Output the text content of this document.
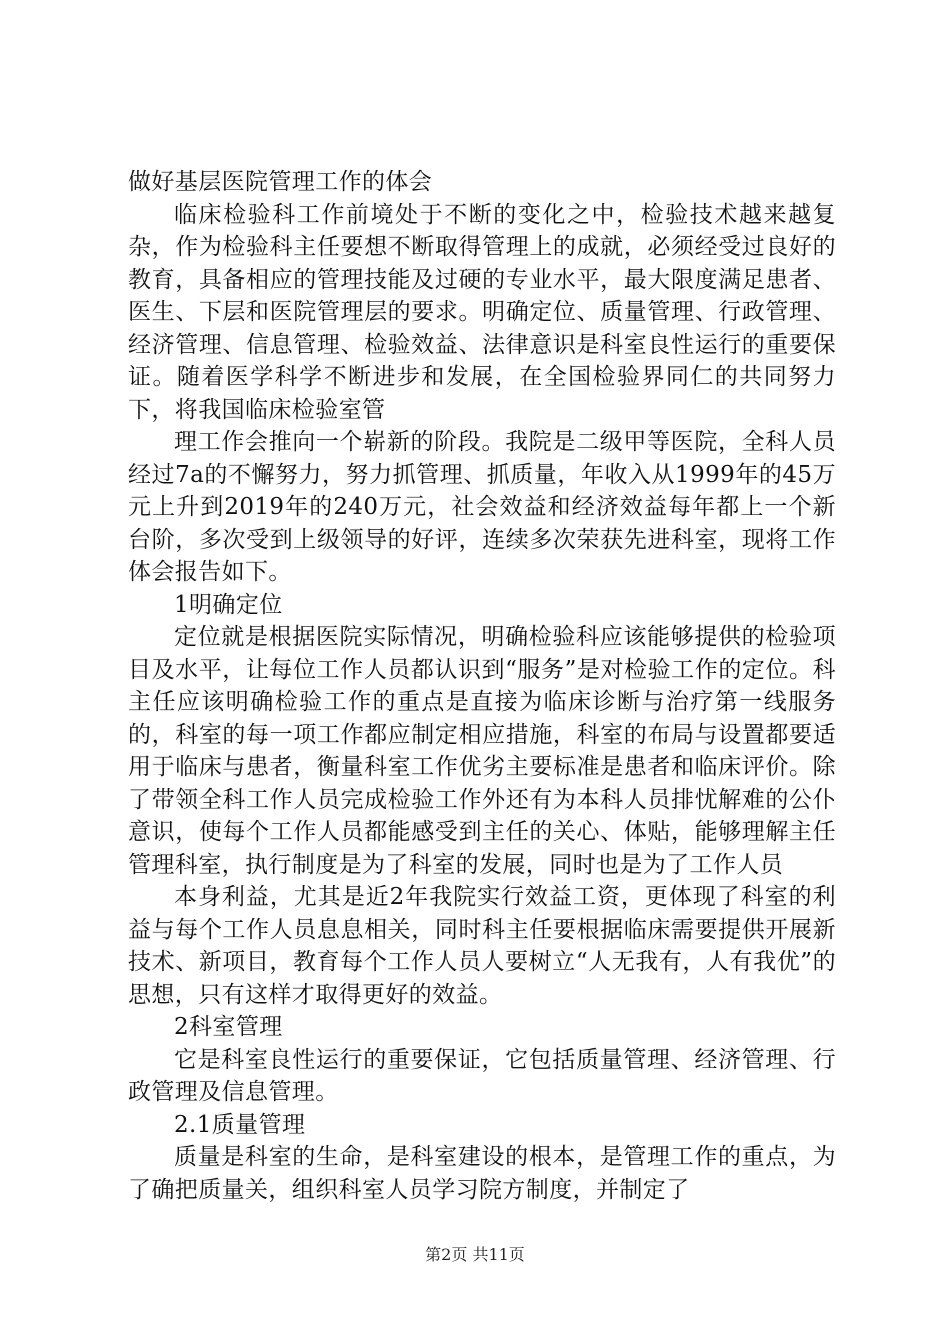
做好基层医院管理工作的体会

临床检验科工作前境处于不断的变化之中，检验技术越来越复杂，作为检验科主任要想不断取得管理上的成就，必须经受过良好的教育，具备相应的管理技能及过硬的专业水平，最大限度满足患者、医生、下层和医院管理层的要求。明确定位、质量管理、行政管理、经济管理、信息管理、检验效益、法律意识是科室良性运行的重要保证。随着医学科学不断进步和发展，在全国检验界同仁的共同努力下，将我国临床检验室管

理工作会推向一个崭新的阶段。我院是二级甲等医院，全科人员经过7a的不懈努力，努力抓管理、抓质量，年收入从1999年的45万元上升到2019年的240万元，社会效益和经济效益每年都上一个新台阶，多次受到上级领导的好评，连续多次荣获先进科室，现将工作体会报告如下。

1明确定位

定位就是根据医院实际情况，明确检验科应该能够提供的检验项目及水平，让每位工作人员都认识到“服务”是对检验工作的定位。科主任应该明确检验工作的重点是直接为临床诊断与治疗第一线服务的，科室的每一项工作都应制定相应措施，科室的布局与设置都要适用于临床与患者，衡量科室工作优劣主要标准是患者和临床评价。除了带领全科工作人员完成检验工作外还有为本科人员排忧解难的公仆意识，使每个工作人员都能感受到主任的关心、体贴，能够理解主任管理科室，执行制度是为了科室的发展，同时也是为了工作人员

本身利益，尤其是近2年我院实行效益工资，更体现了科室的利益与每个工作人员息息相关，同时科主任要根据临床需要提供开展新技术、新项目，教育每个工作人员人要树立“人无我有，人有我优”的思想，只有这样才取得更好的效益。

2科室管理

它是科室良性运行的重要保证，它包括质量管理、经济管理、行政管理及信息管理。

2.1质量管理

质量是科室的生命，是科室建设的根本，是管理工作的重点，为了确把质量关，组织科室人员学习院方制度，并制定了

第2页 共11页
